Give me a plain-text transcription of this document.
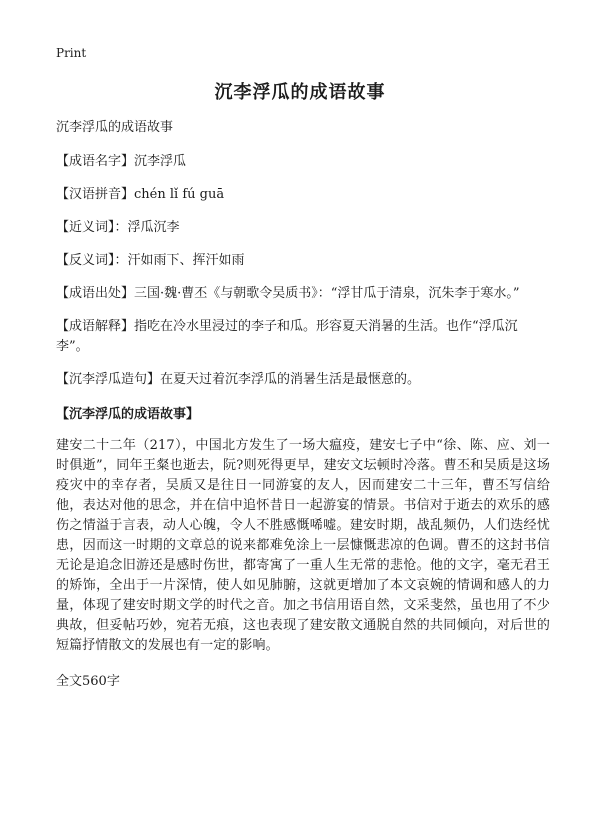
Print
沉李浮瓜的成语故事

沉李浮瓜的成语故事

【成语名字】沉李浮瓜

【汉语拼音】chén lǐ fú guā

【近义词】：浮瓜沉李

【反义词】：汗如雨下、挥汗如雨

【成语出处】三国·魏·曹丕《与朝歌令吴质书》：“浮甘瓜于清泉，沉朱李于寒水。”

【成语解释】指吃在冷水里浸过的李子和瓜。形容夏天消暑的生活。也作“浮瓜沉李”。

【沉李浮瓜造句】在夏天过着沉李浮瓜的消暑生活是最惬意的。

【沉李浮瓜的成语故事】

建安二十二年（217），中国北方发生了一场大瘟疫，建安七子中“徐、陈、应、刘一时俱逝”，同年王粲也逝去，阮?则死得更早，建安文坛顿时冷落。曹丕和吴质是这场疫灾中的幸存者，吴质又是往日一同游宴的友人，因而建安二十三年，曹丕写信给他，表达对他的思念，并在信中追怀昔日一起游宴的情景。书信对于逝去的欢乐的感伤之情溢于言表，动人心魄，令人不胜感慨唏嘘。建安时期，战乱频仍，人们迭经忧患，因而这一时期的文章总的说来都难免涂上一层慷慨悲凉的色调。曹丕的这封书信无论是追念旧游还是感时伤世，都寄寓了一重人生无常的悲怆。他的文字，毫无君王的矫饰，全出于一片深情，使人如见肺腑，这就更增加了本文哀婉的情调和感人的力量，体现了建安时期文学的时代之音。加之书信用语自然，文采斐然，虽也用了不少典故，但妥帖巧妙，宛若无痕，这也表现了建安散文通脱自然的共同倾向，对后世的短篇抒情散文的发展也有一定的影响。

全文560字
